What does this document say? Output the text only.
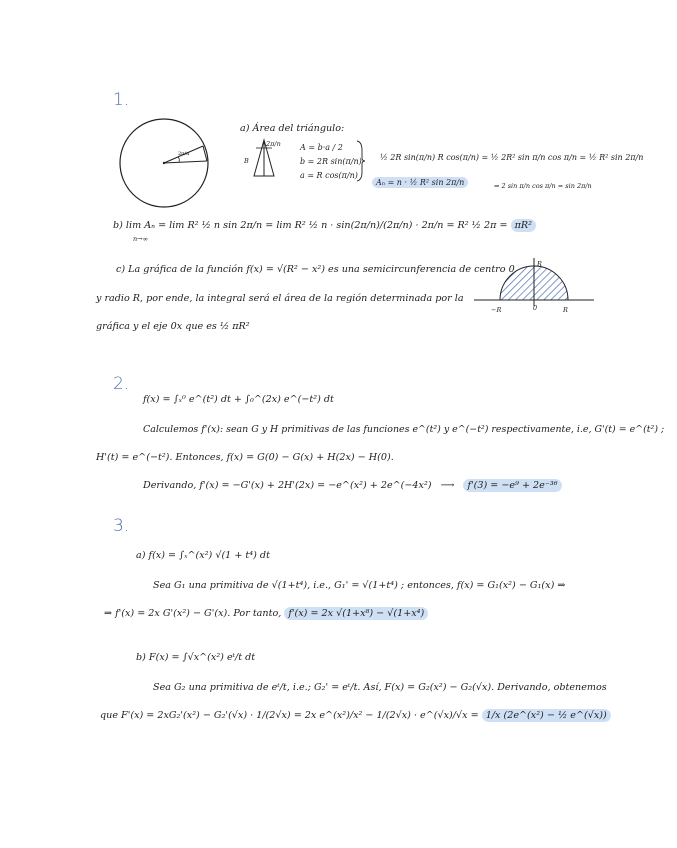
1.
2π/n
a) Área del triángulo:
B
2π/n A = b·a / 2
b = 2R sin(π/n)
a = R cos(π/n)
½ 2R sin(π/n) R cos(π/n) = ½ 2R² sin π/n cos π/n = ½ R² sin 2π/n
Aₙ = n · ½ R² sin 2π/n	⇒ 2 sin π/n cos π/n = sin 2π/n
b) lim Aₙ = lim R² ½ n sin 2π/n = lim R² ½ n · sin(2π/n)/(2π/n) · 2π/n = R² ½ 2π = πR²
n→∞
c) La gráfica de la función f(x) = √(R² − x²) es una semicircunferencia de centro 0
y radio R, por ende, la integral será el área de la región determinada por la
gráfica y el eje 0x que es ½ πR²
−R	0	R
R
2.
f(x) = ∫ₓ⁰ e^(t²) dt + ∫₀^(2x) e^(−t²) dt
Calculemos f'(x): sean G y H primitivas de las funciones e^(t²) y e^(−t²) respectivamente, i.e, G'(t) = e^(t²) ;
H'(t) = e^(−t²). Entonces, f(x) = G(0) − G(x) + H(2x) − H(0).
Derivando, f'(x) = −G'(x) + 2H'(2x) = −e^(x²) + 2e^(−4x²) ⟶ f'(3) = −e⁹ + 2e⁻³⁶
3.
a) f(x) = ∫ₓ^(x²) √(1 + t⁴) dt
Sea G₁ una primitiva de √(1+t⁴), i.e., G₁' = √(1+t⁴) ; entonces, f(x) = G₁(x²) − G₁(x) ⇒
⇒ f'(x) = 2x G'(x²) − G'(x). Por tanto, f'(x) = 2x √(1+x⁸) − √(1+x⁴)
b) F(x) = ∫√x^(x²) eᵗ/t dt
Sea G₂ una primitiva de eᵗ/t, i.e.; G₂' = eᵗ/t. Así, F(x) = G₂(x²) − G₂(√x). Derivando, obtenemos
que F'(x) = 2xG₂'(x²) − G₂'(√x) · 1/(2√x) = 2x e^(x²)/x² − 1/(2√x) · e^(√x)/√x = 1/x (2e^(x²) − ½ e^(√x))
